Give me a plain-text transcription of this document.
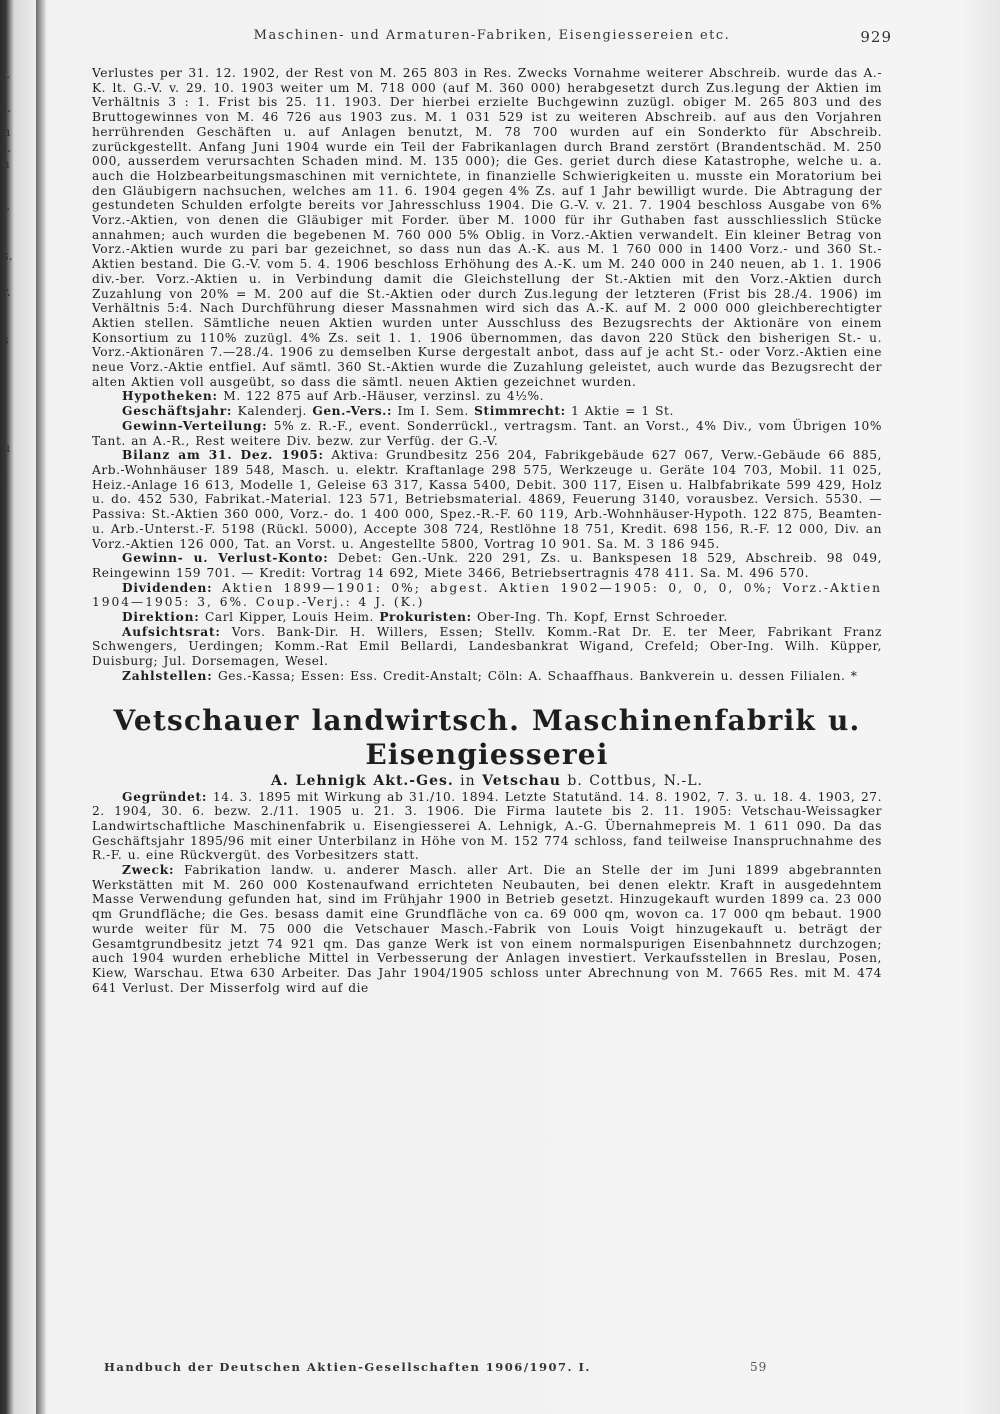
j.
).
n
).
a
-
l.
s.
,
r.
:
s
u
i
t
Maschinen- und Armaturen-Fabriken, Eisengiessereien etc.	929

Verlustes per 31. 12. 1902, der Rest von M. 265 803 in Res. Zwecks Vornahme weiterer Abschreib. wurde das A.-K. lt. G.-V. v. 29. 10. 1903 weiter um M. 718 000 (auf M. 360 000) herabgesetzt durch Zus.legung der Aktien im Verhältnis 3 : 1. Frist bis 25. 11. 1903. Der hierbei erzielte Buchgewinn zuzügl. obiger M. 265 803 und des Bruttogewinnes von M. 46 726 aus 1903 zus. M. 1 031 529 ist zu weiteren Abschreib. auf aus den Vorjahren herrührenden Geschäften u. auf Anlagen benutzt, M. 78 700 wurden auf ein Sonderkto für Abschreib. zurückgestellt. Anfang Juni 1904 wurde ein Teil der Fabrikanlagen durch Brand zerstört (Brandentschäd. M. 250 000, ausserdem verursachten Schaden mind. M. 135 000); die Ges. geriet durch diese Katastrophe, welche u. a. auch die Holzbearbeitungsmaschinen mit vernichtete, in finanzielle Schwierigkeiten u. musste ein Moratorium bei den Gläubigern nachsuchen, welches am 11. 6. 1904 gegen 4% Zs. auf 1 Jahr bewilligt wurde. Die Abtragung der gestundeten Schulden erfolgte bereits vor Jahresschluss 1904. Die G.-V. v. 21. 7. 1904 beschloss Ausgabe von 6% Vorz.-Aktien, von denen die Gläubiger mit Forder. über M. 1000 für ihr Guthaben fast ausschliesslich Stücke annahmen; auch wurden die begebenen M. 760 000 5% Oblig. in Vorz.-Aktien verwandelt. Ein kleiner Betrag von Vorz.-Aktien wurde zu pari bar gezeichnet, so dass nun das A.-K. aus M. 1 760 000 in 1400 Vorz.- und 360 St.-Aktien bestand. Die G.-V. vom 5. 4. 1906 beschloss Erhöhung des A.-K. um M. 240 000 in 240 neuen, ab 1. 1. 1906 div.-ber. Vorz.-Aktien u. in Verbindung damit die Gleichstellung der St.-Aktien mit den Vorz.-Aktien durch Zuzahlung von 20% = M. 200 auf die St.-Aktien oder durch Zus.legung der letzteren (Frist bis 28./4. 1906) im Verhältnis 5:4. Nach Durchführung dieser Massnahmen wird sich das A.-K. auf M. 2 000 000 gleichberechtigter Aktien stellen. Sämtliche neuen Aktien wurden unter Ausschluss des Bezugsrechts der Aktionäre von einem Konsortium zu 110% zuzügl. 4% Zs. seit 1. 1. 1906 übernommen, das davon 220 Stück den bisherigen St.- u. Vorz.-Aktionären 7.—28./4. 1906 zu demselben Kurse dergestalt anbot, dass auf je acht St.- oder Vorz.-Aktien eine neue Vorz.-Aktie entfiel. Auf sämtl. 360 St.-Aktien wurde die Zuzahlung geleistet, auch wurde das Bezugsrecht der alten Aktien voll ausgeübt, so dass die sämtl. neuen Aktien gezeichnet wurden.

Hypotheken: M. 122 875 auf Arb.-Häuser, verzinsl. zu 4½%.

Geschäftsjahr: Kalenderj. Gen.-Vers.: Im I. Sem. Stimmrecht: 1 Aktie = 1 St.

Gewinn-Verteilung: 5% z. R.-F., event. Sonderrückl., vertragsm. Tant. an Vorst., 4% Div., vom Übrigen 10% Tant. an A.-R., Rest weitere Div. bezw. zur Verfüg. der G.-V.

Bilanz am 31. Dez. 1905: Aktiva: Grundbesitz 256 204, Fabrikgebäude 627 067, Verw.-Gebäude 66 885, Arb.-Wohnhäuser 189 548, Masch. u. elektr. Kraftanlage 298 575, Werkzeuge u. Geräte 104 703, Mobil. 11 025, Heiz.-Anlage 16 613, Modelle 1, Geleise 63 317, Kassa 5400, Debit. 300 117, Eisen u. Halbfabrikate 599 429, Holz u. do. 452 530, Fabrikat.-Material. 123 571, Betriebsmaterial. 4869, Feuerung 3140, vorausbez. Versich. 5530. — Passiva: St.-Aktien 360 000, Vorz.- do. 1 400 000, Spez.-R.-F. 60 119, Arb.-Wohnhäuser-Hypoth. 122 875, Beamten- u. Arb.-Unterst.-F. 5198 (Rückl. 5000), Accepte 308 724, Restlöhne 18 751, Kredit. 698 156, R.-F. 12 000, Div. an Vorz.-Aktien 126 000, Tat. an Vorst. u. Angestellte 5800, Vortrag 10 901. Sa. M. 3 186 945.

Gewinn- u. Verlust-Konto: Debet: Gen.-Unk. 220 291, Zs. u. Bankspesen 18 529, Abschreib. 98 049, Reingewinn 159 701. — Kredit: Vortrag 14 692, Miete 3466, Betriebsertragnis 478 411. Sa. M. 496 570.

Dividenden: Aktien 1899—1901: 0%; abgest. Aktien 1902—1905: 0, 0, 0, 0%; Vorz.-Aktien 1904—1905: 3, 6%. Coup.-Verj.: 4 J. (K.)

Direktion: Carl Kipper, Louis Heim. Prokuristen: Ober-Ing. Th. Kopf, Ernst Schroeder.

Aufsichtsrat: Vors. Bank-Dir. H. Willers, Essen; Stellv. Komm.-Rat Dr. E. ter Meer, Fabrikant Franz Schwengers, Uerdingen; Komm.-Rat Emil Bellardi, Landesbankrat Wigand, Crefeld; Ober-Ing. Wilh. Küpper, Duisburg; Jul. Dorsemagen, Wesel.

Zahlstellen: Ges.-Kassa; Essen: Ess. Credit-Anstalt; Cöln: A. Schaaffhaus. Bankverein u. dessen Filialen. *

Vetschauer landwirtsch. Maschinenfabrik u. Eisengiesserei
A. Lehnigk Akt.-Ges. in Vetschau b. Cottbus, N.-L.

Gegründet: 14. 3. 1895 mit Wirkung ab 31./10. 1894. Letzte Statutänd. 14. 8. 1902, 7. 3. u. 18. 4. 1903, 27. 2. 1904, 30. 6. bezw. 2./11. 1905 u. 21. 3. 1906. Die Firma lautete bis 2. 11. 1905: Vetschau-Weissagker Landwirtschaftliche Maschinenfabrik u. Eisengiesserei A. Lehnigk, A.-G. Übernahmepreis M. 1 611 090. Da das Geschäftsjahr 1895/96 mit einer Unterbilanz in Höhe von M. 152 774 schloss, fand teilweise Inanspruchnahme des R.-F. u. eine Rückvergüt. des Vorbesitzers statt.

Zweck: Fabrikation landw. u. anderer Masch. aller Art. Die an Stelle der im Juni 1899 abgebrannten Werkstätten mit M. 260 000 Kostenaufwand errichteten Neubauten, bei denen elektr. Kraft in ausgedehntem Masse Verwendung gefunden hat, sind im Frühjahr 1900 in Betrieb gesetzt. Hinzugekauft wurden 1899 ca. 23 000 qm Grundfläche; die Ges. besass damit eine Grundfläche von ca. 69 000 qm, wovon ca. 17 000 qm bebaut. 1900 wurde weiter für M. 75 000 die Vetschauer Masch.-Fabrik von Louis Voigt hinzugekauft u. beträgt der Gesamtgrundbesitz jetzt 74 921 qm. Das ganze Werk ist von einem normalspurigen Eisenbahnnetz durchzogen; auch 1904 wurden erhebliche Mittel in Verbesserung der Anlagen investiert. Verkaufsstellen in Breslau, Posen, Kiew, Warschau. Etwa 630 Arbeiter. Das Jahr 1904/1905 schloss unter Abrechnung von M. 7665 Res. mit M. 474 641 Verlust. Der Misserfolg wird auf die

Handbuch der Deutschen Aktien-Gesellschaften 1906/1907. I.	59
